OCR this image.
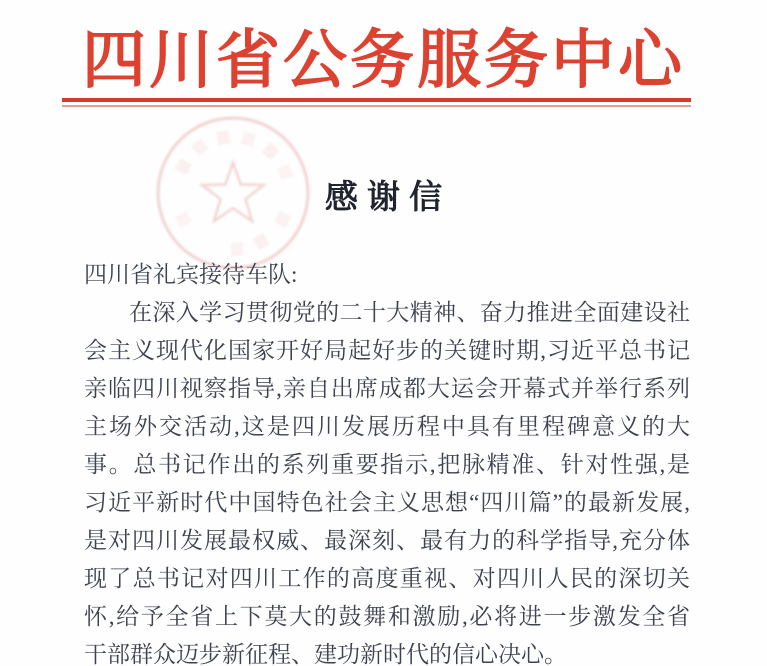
四川省公务服务中心
感 谢 信
四川省礼宾接待车队:
在深入学习贯彻党的二十大精神、奋力推进全面建设社
会主义现代化国家开好局起好步的关键时期,习近平总书记
亲临四川视察指导,亲自出席成都大运会开幕式并举行系列
主场外交活动,这是四川发展历程中具有里程碑意义的大
事。总书记作出的系列重要指示,把脉精准、针对性强,是
习近平新时代中国特色社会主义思想“四川篇”的最新发展,
是对四川发展最权威、最深刻、最有力的科学指导,充分体
现了总书记对四川工作的高度重视、对四川人民的深切关
怀,给予全省上下莫大的鼓舞和激励,必将进一步激发全省
干部群众迈步新征程、建功新时代的信心决心。
